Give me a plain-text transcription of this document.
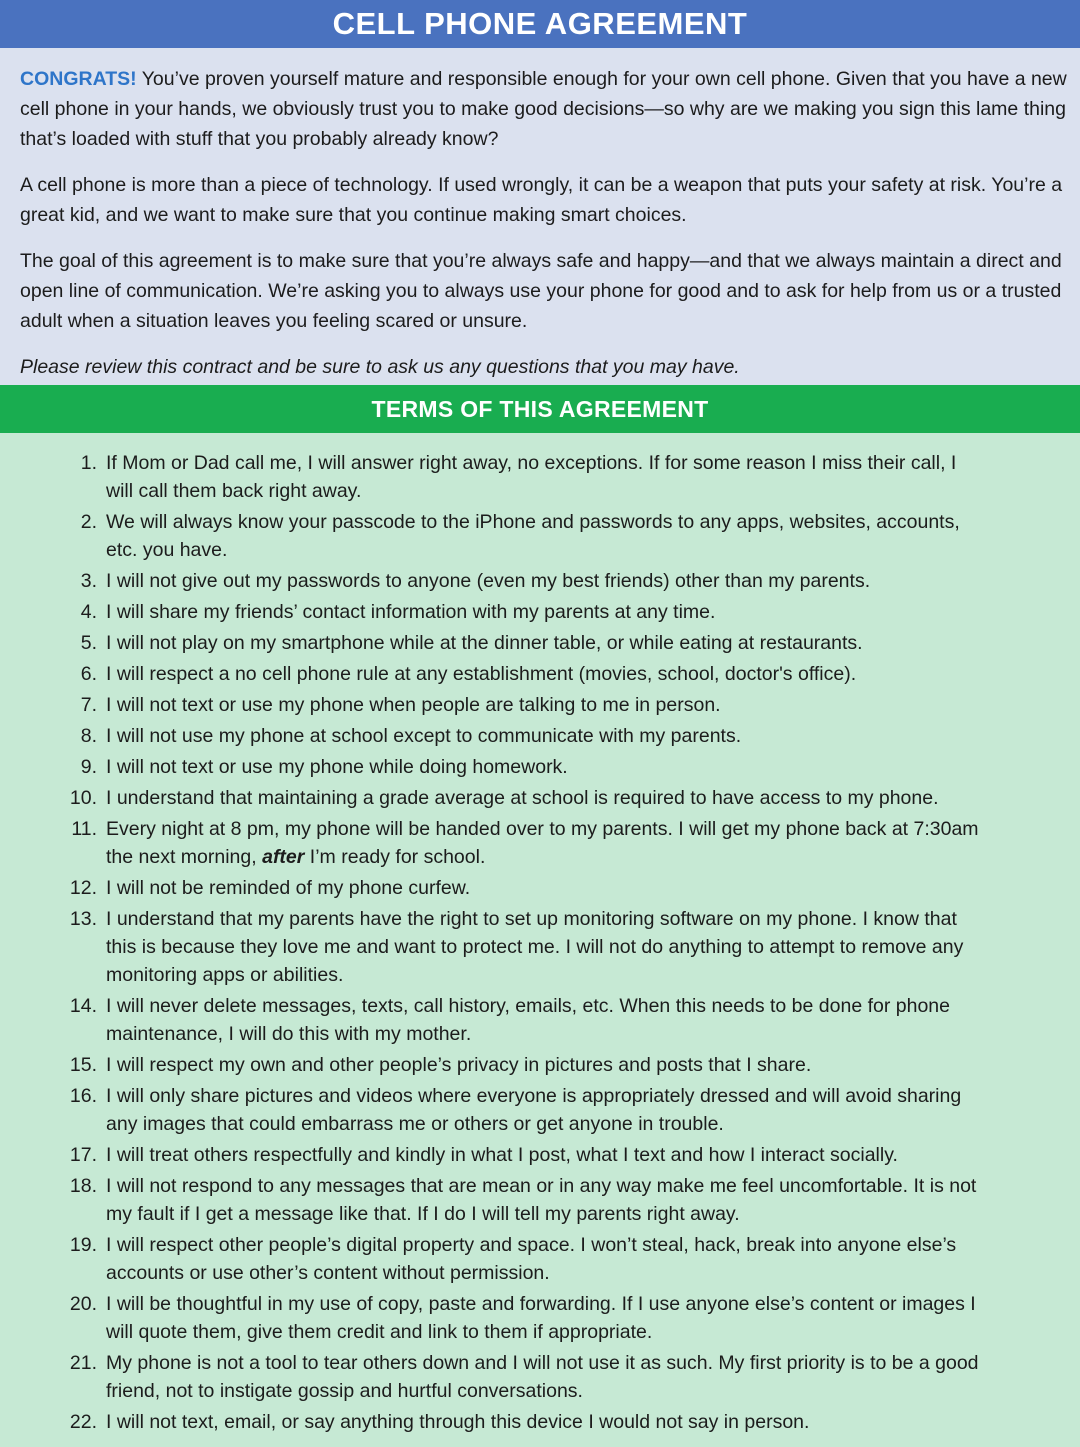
CELL PHONE AGREEMENT

CONGRATS! You’ve proven yourself mature and responsible enough for your own cell phone. Given that you have a new cell phone in your hands, we obviously trust you to make good decisions—so why are we making you sign this lame thing that’s loaded with stuff that you probably already know?

A cell phone is more than a piece of technology. If used wrongly, it can be a weapon that puts your safety at risk. You’re a great kid, and we want to make sure that you continue making smart choices.

The goal of this agreement is to make sure that you’re always safe and happy—and that we always maintain a direct and open line of communication. We’re asking you to always use your phone for good and to ask for help from us or a trusted adult when a situation leaves you feeling scared or unsure.

Please review this contract and be sure to ask us any questions that you may have.

TERMS OF THIS AGREEMENT
1. If Mom or Dad call me, I will answer right away, no exceptions. If for some reason I miss their call, I will call them back right away.
2. We will always know your passcode to the iPhone and passwords to any apps, websites, accounts, etc. you have.
3. I will not give out my passwords to anyone (even my best friends) other than my parents.
4. I will share my friends’ contact information with my parents at any time.
5. I will not play on my smartphone while at the dinner table, or while eating at restaurants.
6. I will respect a no cell phone rule at any establishment (movies, school, doctor's office).
7. I will not text or use my phone when people are talking to me in person.
8. I will not use my phone at school except to communicate with my parents.
9. I will not text or use my phone while doing homework.
10. I understand that maintaining a grade average at school is required to have access to my phone.
11. Every night at 8 pm, my phone will be handed over to my parents. I will get my phone back at 7:30am the next morning, after I’m ready for school.
12. I will not be reminded of my phone curfew.
13. I understand that my parents have the right to set up monitoring software on my phone. I know that this is because they love me and want to protect me. I will not do anything to attempt to remove any monitoring apps or abilities.
14. I will never delete messages, texts, call history, emails, etc. When this needs to be done for phone maintenance, I will do this with my mother.
15. I will respect my own and other people’s privacy in pictures and posts that I share.
16. I will only share pictures and videos where everyone is appropriately dressed and will avoid sharing any images that could embarrass me or others or get anyone in trouble.
17. I will treat others respectfully and kindly in what I post, what I text and how I interact socially.
18. I will not respond to any messages that are mean or in any way make me feel uncomfortable. It is not my fault if I get a message like that. If I do I will tell my parents right away.
19. I will respect other people’s digital property and space. I won’t steal, hack, break into anyone else’s accounts or use other’s content without permission.
20. I will be thoughtful in my use of copy, paste and forwarding. If I use anyone else’s content or images I will quote them, give them credit and link to them if appropriate.
21. My phone is not a tool to tear others down and I will not use it as such. My first priority is to be a good friend, not to instigate gossip and hurtful conversations.
22. I will not text, email, or say anything through this device I would not say in person.
